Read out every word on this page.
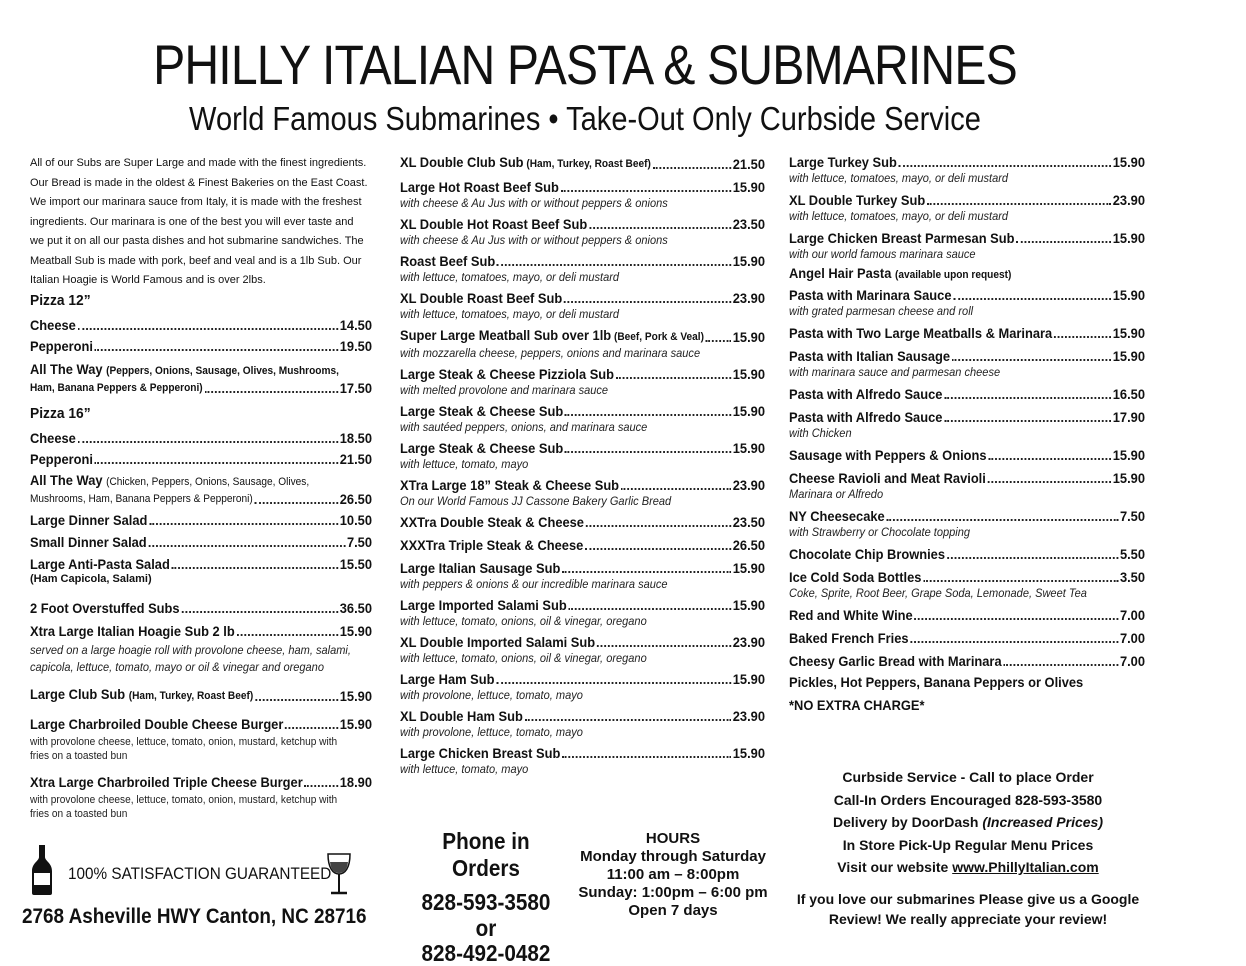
PHILLY ITALIAN PASTA & SUBMARINES
World Famous Submarines • Take-Out Only Curbside Service
All of our Subs are Super Large and made with the finest ingredients. Our Bread is made in the oldest & Finest Bakeries on the East Coast. We import our marinara sauce from Italy, it is made with the freshest ingredients. Our marinara is one of the best you will ever taste and we put it on all our pasta dishes and hot submarine sandwiches. The Meatball Sub is made with pork, beef and veal and is a 1lb Sub. Our Italian Hoagie is World Famous and is over 2lbs.
Pizza 12”
Cheese	14.50
Pepperoni	19.50
All The Way (Peppers, Onions, Sausage, Olives, Mushrooms,
Ham, Banana Peppers & Pepperoni)	17.50
Pizza 16”
Cheese	18.50
Pepperoni	21.50
All The Way (Chicken, Peppers, Onions, Sausage, Olives,
Mushrooms, Ham, Banana Peppers & Pepperoni)	26.50
Large Dinner Salad	10.50
Small Dinner Salad	7.50
Large Anti-Pasta Salad	15.50
(Ham Capicola, Salami)
2 Foot Overstuffed Subs	36.50
Xtra Large Italian Hoagie Sub 2 lb	15.90
served on a large hoagie roll with provolone cheese, ham, salami,
capicola, lettuce, tomato, mayo or oil & vinegar and oregano
Large Club Sub (Ham, Turkey, Roast Beef)	15.90
Large Charbroiled Double Cheese Burger	15.90
with provolone cheese, lettuce, tomato, onion, mustard, ketchup with
fries on a toasted bun
Xtra Large Charbroiled Triple Cheese Burger	18.90
with provolone cheese, lettuce, tomato, onion, mustard, ketchup with
fries on a toasted bun
100% SATISFACTION GUARANTEED
2768 Asheville HWY Canton, NC 28716
XL Double Club Sub (Ham, Turkey, Roast Beef)	21.50
Large Hot Roast Beef Sub	15.90
with cheese & Au Jus with or without peppers & onions
XL Double Hot Roast Beef Sub	23.50
with cheese & Au Jus with or without peppers & onions
Roast Beef Sub	15.90
with lettuce, tomatoes, mayo, or deli mustard
XL Double Roast Beef Sub	23.90
with lettuce, tomatoes, mayo, or deli mustard
Super Large Meatball Sub over 1lb (Beef, Pork & Veal) 15.90
with mozzarella cheese, peppers, onions and marinara sauce
Large Steak & Cheese Pizziola Sub	15.90
with melted provolone and marinara sauce
Large Steak & Cheese Sub	15.90
with sautéed peppers, onions, and marinara sauce
Large Steak & Cheese Sub	15.90
with lettuce, tomato, mayo
XTra Large 18” Steak & Cheese Sub	23.90
On our World Famous JJ Cassone Bakery Garlic Bread
XXTra Double Steak & Cheese	23.50
XXXTra Triple Steak & Cheese	26.50
Large Italian Sausage Sub	15.90
with peppers & onions & our incredible marinara sauce
Large Imported Salami Sub	15.90
with lettuce, tomato, onions, oil & vinegar, oregano
XL Double Imported Salami Sub	23.90
with lettuce, tomato, onions, oil & vinegar, oregano
Large Ham Sub	15.90
with provolone, lettuce, tomato, mayo
XL Double Ham Sub	23.90
with provolone, lettuce, tomato, mayo
Large Chicken Breast Sub	15.90
with lettuce, tomato, mayo
Phone in Orders
828-593-3580
or
828-492-0482
HOURS
Monday through Saturday
11:00 am – 8:00pm
Sunday: 1:00pm – 6:00 pm
Open 7 days
Large Turkey Sub	15.90
with lettuce, tomatoes, mayo, or deli mustard
XL Double Turkey Sub	23.90
with lettuce, tomatoes, mayo, or deli mustard
Large Chicken Breast Parmesan Sub	15.90
with our world famous marinara sauce
Angel Hair Pasta (available upon request)
Pasta with Marinara Sauce	15.90
with grated parmesan cheese and roll
Pasta with Two Large Meatballs & Marinara	15.90
Pasta with Italian Sausage	15.90
with marinara sauce and parmesan cheese
Pasta with Alfredo Sauce	16.50
Pasta with Alfredo Sauce	17.90
with Chicken
Sausage with Peppers & Onions	15.90
Cheese Ravioli and Meat Ravioli	15.90
Marinara or Alfredo
NY Cheesecake	7.50
with Strawberry or Chocolate topping
Chocolate Chip Brownies	5.50
Ice Cold Soda Bottles	3.50
Coke, Sprite, Root Beer, Grape Soda, Lemonade, Sweet Tea
Red and White Wine	7.00
Baked French Fries	7.00
Cheesy Garlic Bread with Marinara	7.00
Pickles, Hot Peppers, Banana Peppers or Olives
*NO EXTRA CHARGE*
Curbside Service - Call to place Order
Call-In Orders Encouraged 828-593-3580
Delivery by DoorDash (Increased Prices)
In Store Pick-Up Regular Menu Prices
Visit our website www.PhillyItalian.com
If you love our submarines Please give us a Google
Review! We really appreciate your review!
